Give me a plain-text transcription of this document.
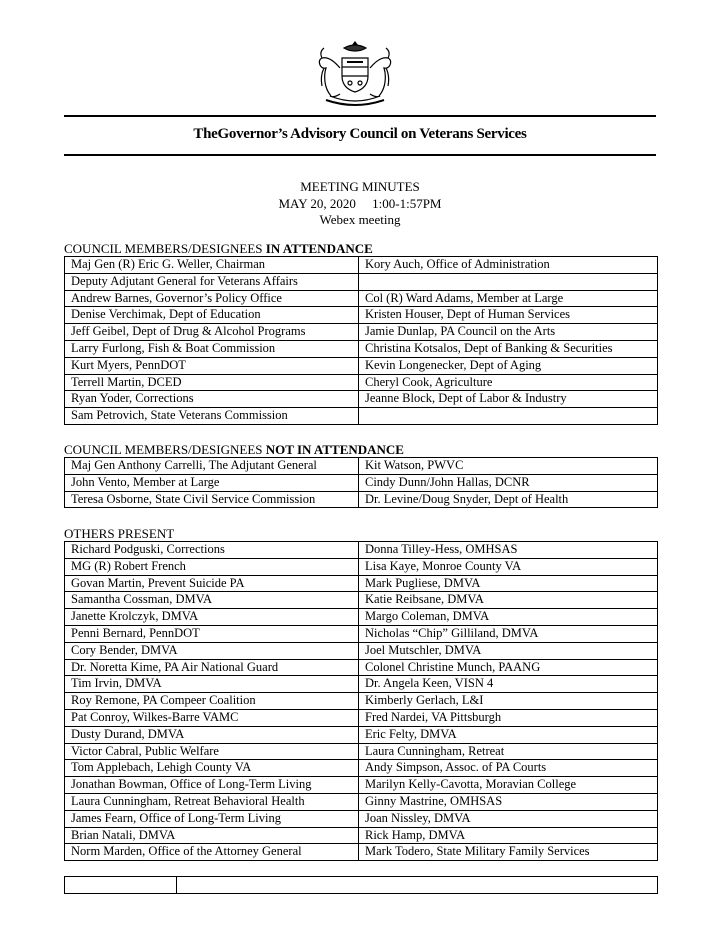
TheGovernor’s Advisory Council on Veterans Services
MEETING MINUTES
MAY 20, 2020     1:00-1:57PM
Webex meeting
COUNCIL MEMBERS/DESIGNEES IN ATTENDANCE
Maj Gen (R) Eric G. Weller, Chairman	Kory Auch, Office of Administration
Deputy Adjutant General for Veterans Affairs	
Andrew Barnes, Governor’s Policy Office	Col (R) Ward Adams, Member at Large
Denise Verchimak, Dept of Education	Kristen Houser, Dept of Human Services
Jeff Geibel, Dept of Drug & Alcohol Programs	Jamie Dunlap, PA Council on the Arts
Larry Furlong, Fish & Boat Commission	Christina Kotsalos, Dept of Banking & Securities
Kurt Myers, PennDOT	Kevin Longenecker, Dept of Aging
Terrell Martin, DCED	Cheryl Cook, Agriculture
Ryan Yoder, Corrections	Jeanne Block, Dept of Labor & Industry
Sam Petrovich, State Veterans Commission	
COUNCIL MEMBERS/DESIGNEES NOT IN ATTENDANCE
Maj Gen Anthony Carrelli, The Adjutant General	Kit Watson, PWVC
John Vento, Member at Large	Cindy Dunn/John Hallas, DCNR
Teresa Osborne, State Civil Service Commission	Dr. Levine/Doug Snyder, Dept of Health
OTHERS PRESENT
Richard Podguski, Corrections	Donna Tilley-Hess, OMHSAS
MG (R) Robert French	Lisa Kaye, Monroe County VA
Govan Martin, Prevent Suicide PA	Mark Pugliese, DMVA
Samantha Cossman, DMVA	Katie Reibsane, DMVA
Janette Krolczyk, DMVA	Margo Coleman, DMVA
Penni Bernard, PennDOT	Nicholas “Chip” Gilliland, DMVA
Cory Bender, DMVA	Joel Mutschler, DMVA
Dr. Noretta Kime, PA Air National Guard	Colonel Christine Munch, PAANG
Tim Irvin, DMVA	Dr. Angela Keen, VISN 4
Roy Remone, PA Compeer Coalition	Kimberly Gerlach, L&I
Pat Conroy, Wilkes-Barre VAMC	Fred Nardei, VA Pittsburgh
Dusty Durand, DMVA	Eric Felty, DMVA
Victor Cabral, Public Welfare	Laura Cunningham, Retreat
Tom Applebach, Lehigh County VA	Andy Simpson, Assoc. of PA Courts
Jonathan Bowman, Office of Long-Term Living	Marilyn Kelly-Cavotta, Moravian College
Laura Cunningham, Retreat Behavioral Health	Ginny Mastrine, OMHSAS
James Fearn, Office of Long-Term Living	Joan Nissley, DMVA
Brian Natali, DMVA	Rick Hamp, DMVA
Norm Marden, Office of the Attorney General	Mark Todero, State Military Family Services
